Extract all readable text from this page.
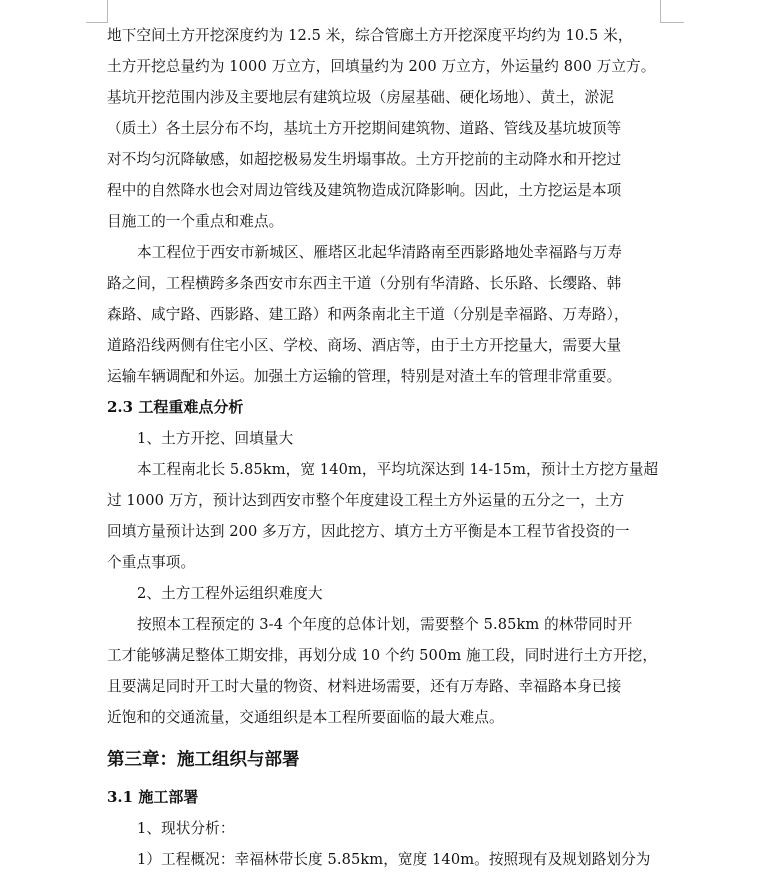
地下空间土方开挖深度约为 12.5 米，综合管廊土方开挖深度平均约为 10.5 米，
土方开挖总量约为 1000 万立方，回填量约为 200 万立方，外运量约 800 万立方。
基坑开挖范围内涉及主要地层有建筑垃圾（房屋基础、硬化场地）、黄土，淤泥
（质土）各土层分布不均，基坑土方开挖期间建筑物、道路、管线及基坑坡顶等
对不均匀沉降敏感，如超挖极易发生坍塌事故。土方开挖前的主动降水和开挖过
程中的自然降水也会对周边管线及建筑物造成沉降影响。因此，土方挖运是本项
目施工的一个重点和难点。
本工程位于西安市新城区、雁塔区北起华清路南至西影路地处幸福路与万寿
路之间，工程横跨多条西安市东西主干道（分别有华清路、长乐路、长缨路、韩
森路、咸宁路、西影路、建工路）和两条南北主干道（分别是幸福路、万寿路），
道路沿线两侧有住宅小区、学校、商场、酒店等，由于土方开挖量大，需要大量
运输车辆调配和外运。加强土方运输的管理，特别是对渣土车的管理非常重要。
2.3 工程重难点分析
1、土方开挖、回填量大
本工程南北长 5.85km，宽 140m，平均坑深达到 14-15m，预计土方挖方量超
过 1000 万方，预计达到西安市整个年度建设工程土方外运量的五分之一，土方
回填方量预计达到 200 多万方，因此挖方、填方土方平衡是本工程节省投资的一
个重点事项。
2、土方工程外运组织难度大
按照本工程预定的 3-4 个年度的总体计划，需要整个 5.85km 的林带同时开
工才能够满足整体工期安排，再划分成 10 个约 500m 施工段，同时进行土方开挖，
且要满足同时开工时大量的物资、材料进场需要，还有万寿路、幸福路本身已接
近饱和的交通流量，交通组织是本工程所要面临的最大难点。
第三章：施工组织与部署
3.1 施工部署
1、现状分析：
1）工程概况：幸福林带长度 5.85km，宽度 140m。按照现有及规划路划分为
